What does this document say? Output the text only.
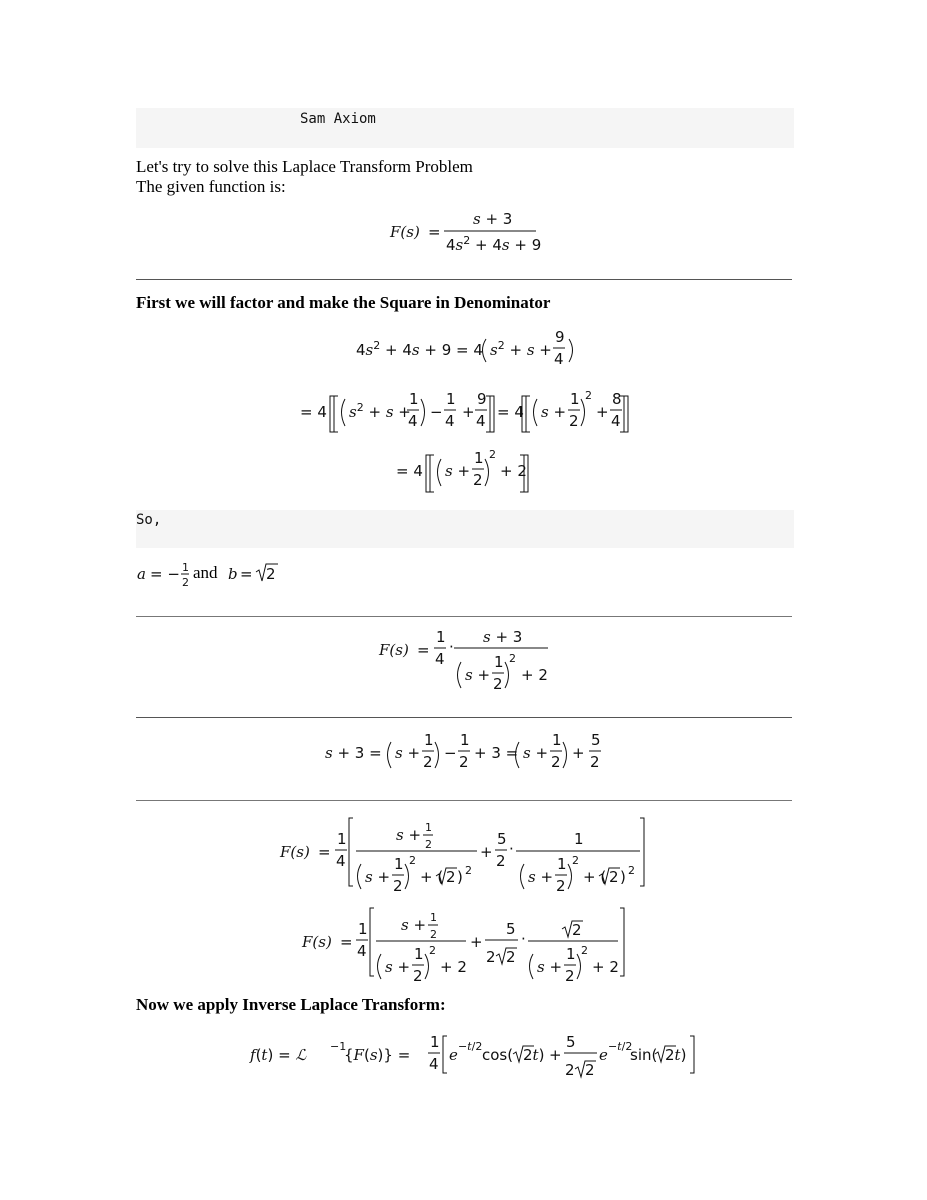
Sam Axiom
Let's try to solve this Laplace Transform Problem
The given function is:
F(s) =
s + 3
$4s^2 + 4s + 9$
First we will factor and make the Square in Denominator
$4s^2 + 4s + 9 = 4$ $s^2 + s$ +
9
4
= 4 $s^2 + s$ +
1
4 −
1
4 +
9
4 = 4 s +
1
2
2
+
8
4
= 4 s +
1
2
2
+ 2
So,
a = − 1
2
and b = 2
F(s) =
1
4
·
s + 3
s +
1
2
2
+ 2
s + 3 = s +
1
2 −
1
2 + 3 = s +
1
2 +
5
2
F(s) =
1
4
s + 1
2
s +
1
2
2
+ ( 2 ) 2
+
5
2
·
1
s +
1
2
2
+ ( 2 ) 2
F(s) =
1
4
s + 1
2
s +
1
2
2
+ 2
+
5
2 2
·	2
s +
1
2
2
+ 2
Now we apply Inverse Laplace Transform:
f(t) = ℒ −1
{F(s)} =
1
4 e −t/2 cos( 2t) +
5
2 2
e −t/2
sin( 2t)
